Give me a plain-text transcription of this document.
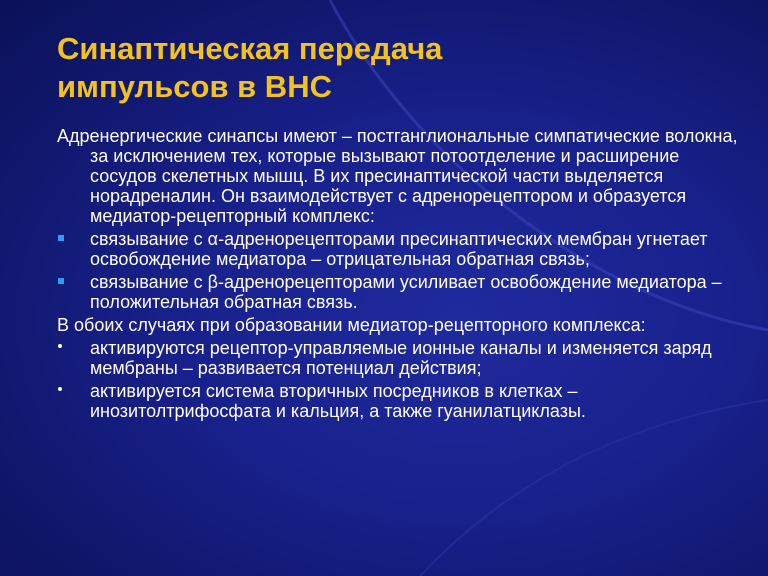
Синаптическая передача
импульсов в ВНС

Адренергические синапсы имеют – постганглиональные симпатические волокна, за исключением тех, которые вызывают потоотделение и расширение сосудов скелетных мышц. В их пресинаптической части выделяется норадреналин. Он взаимодействует с адренорецептором и образуется медиатор-рецепторный комплекс:

связывание с α-адренорецепторами пресинаптических мембран угнетает освобождение медиатора – отрицательная обратная связь;
связывание с β-адренорецепторами усиливает освобождение медиатора – положительная обратная связь.

В обоих случаях при образовании медиатор-рецепторного комплекса:

активируются рецептор-управляемые ионные каналы и изменяется заряд мембраны – развивается потенциал действия;
активируется система вторичных посредников в клетках – инозитолтрифосфата и кальция, а также гуанилатциклазы.
